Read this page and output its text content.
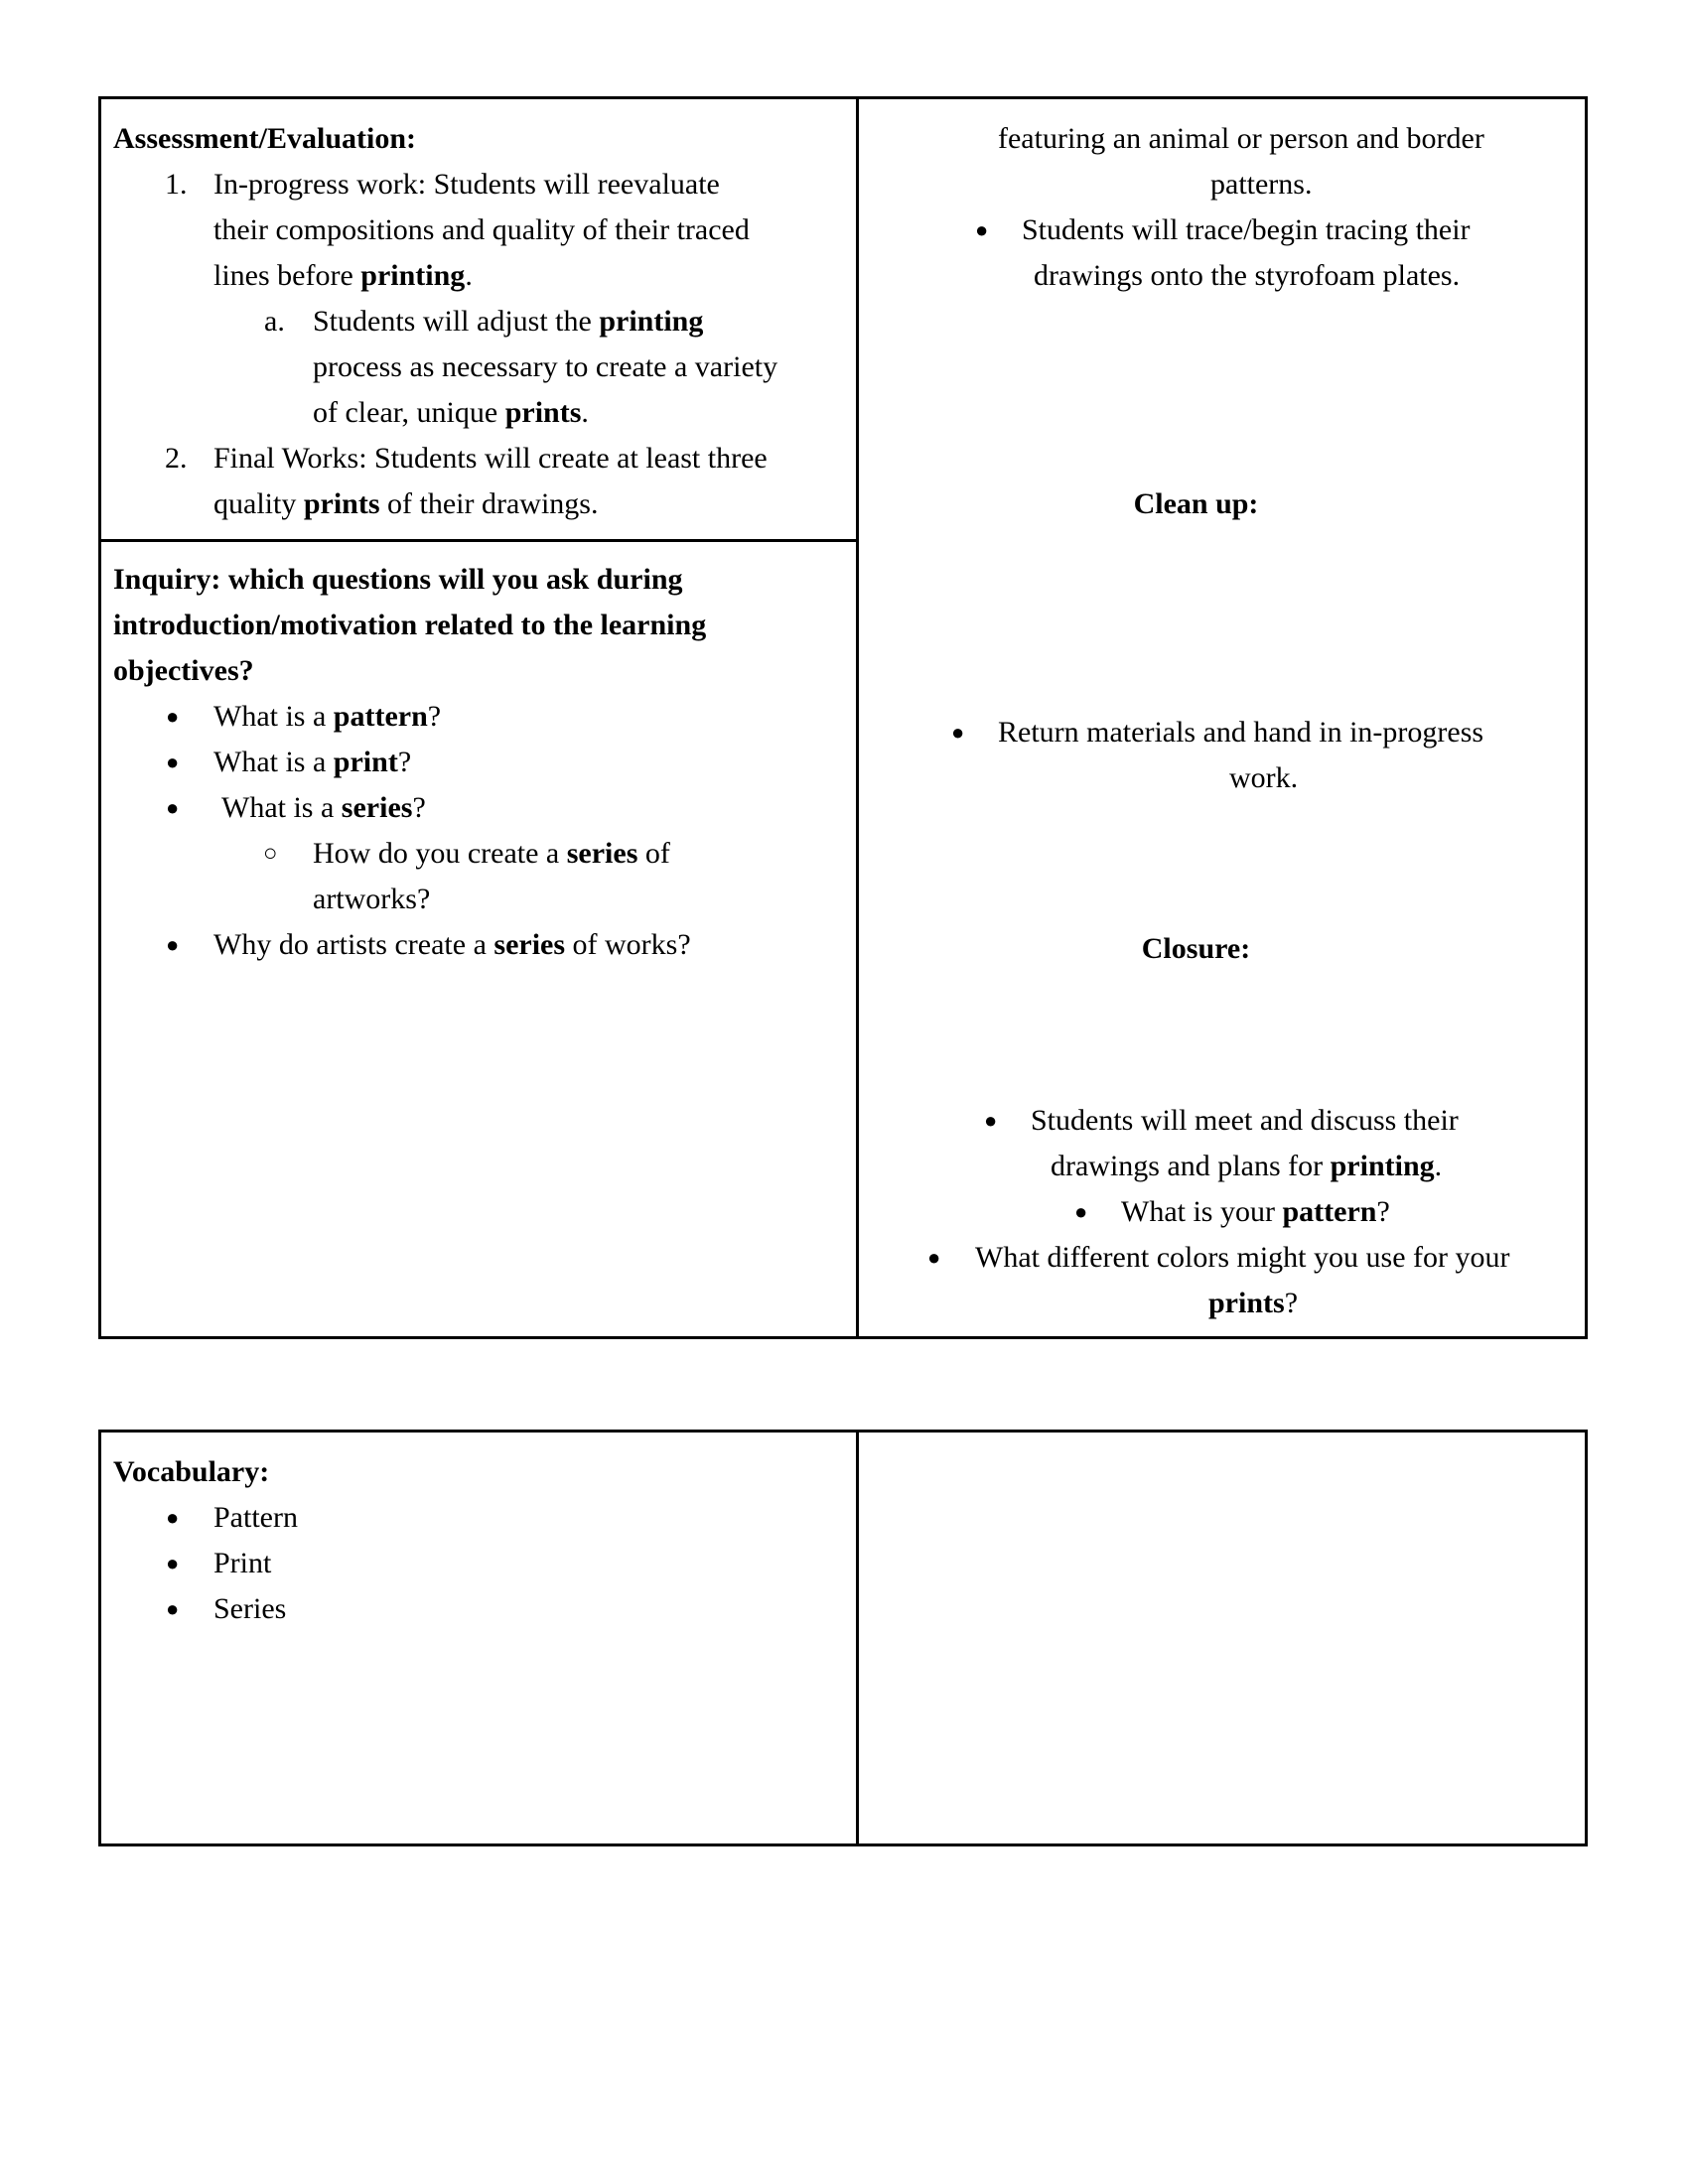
Assessment/Evaluation:
1. In-progress work: Students will reevaluate
their compositions and quality of their traced
lines before printing.
a. Students will adjust the printing
process as necessary to create a variety
of clear, unique prints.
2. Final Works: Students will create at least three
quality prints of their drawings.
Inquiry: which questions will you ask during
introduction/motivation related to the learning
objectives?
● What is a pattern?
● What is a print?
● What is a series?
○ How do you create a series of
artworks?
● Why do artists create a series of works?
featuring an animal or person and border
patterns.
● Students will trace/begin tracing their
drawings onto the styrofoam plates.
Clean up:
● Return materials and hand in in-progress
work.
Closure:
● Students will meet and discuss their
drawings and plans for printing.
● What is your pattern?
● What different colors might you use for your
prints?
Vocabulary:
● Pattern
● Print
● Series
